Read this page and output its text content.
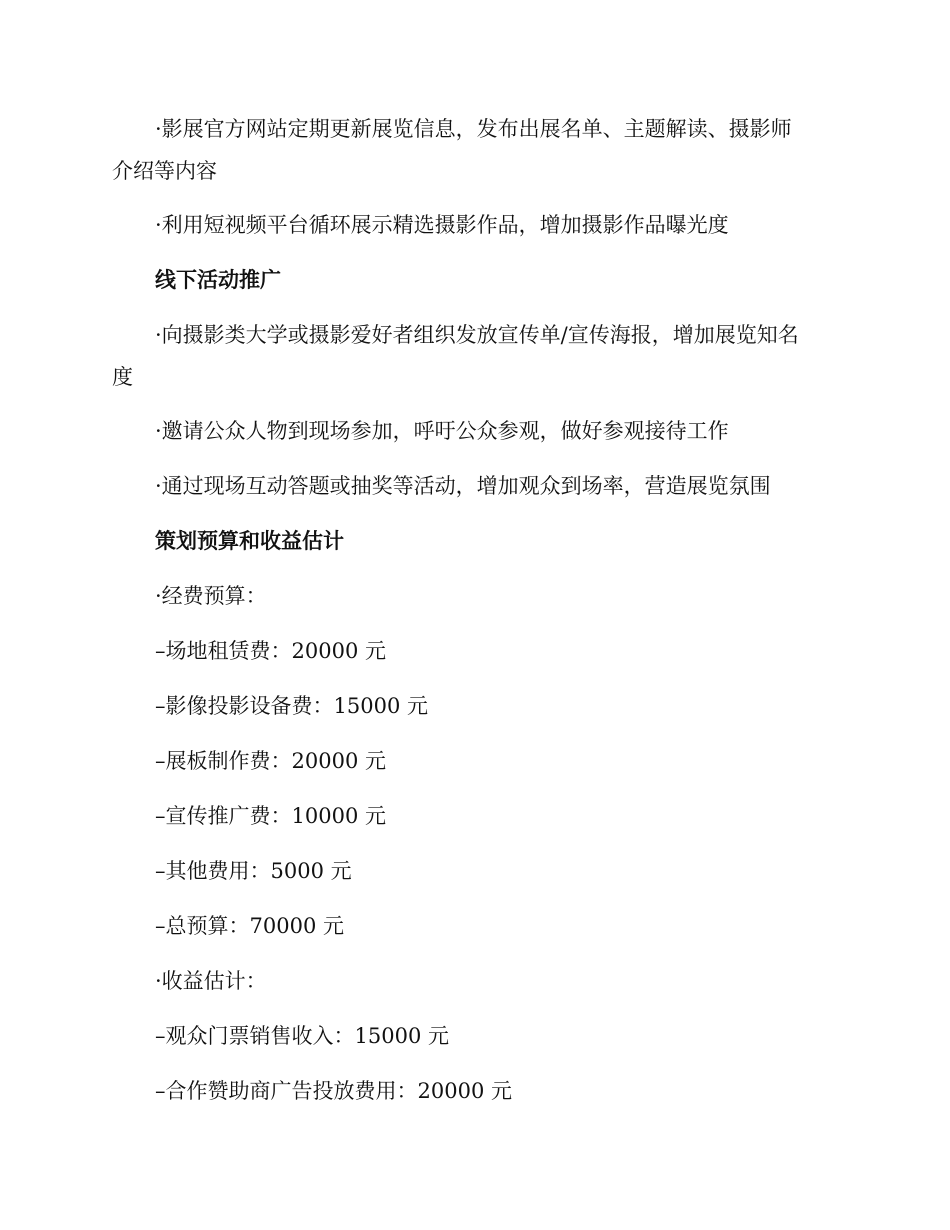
·影展官方网站定期更新展览信息，发布出展名单、主题解读、摄影师
介绍等内容
·利用短视频平台循环展示精选摄影作品，增加摄影作品曝光度
线下活动推广
·向摄影类大学或摄影爱好者组织发放宣传单/宣传海报，增加展览知名
度
·邀请公众人物到现场参加，呼吁公众参观，做好参观接待工作
·通过现场互动答题或抽奖等活动，增加观众到场率，营造展览氛围
策划预算和收益估计
·经费预算：
–场地租赁费：20000 元
–影像投影设备费：15000 元
–展板制作费：20000 元
–宣传推广费：10000 元
–其他费用：5000 元
–总预算：70000 元
·收益估计：
–观众门票销售收入：15000 元
–合作赞助商广告投放费用：20000 元
